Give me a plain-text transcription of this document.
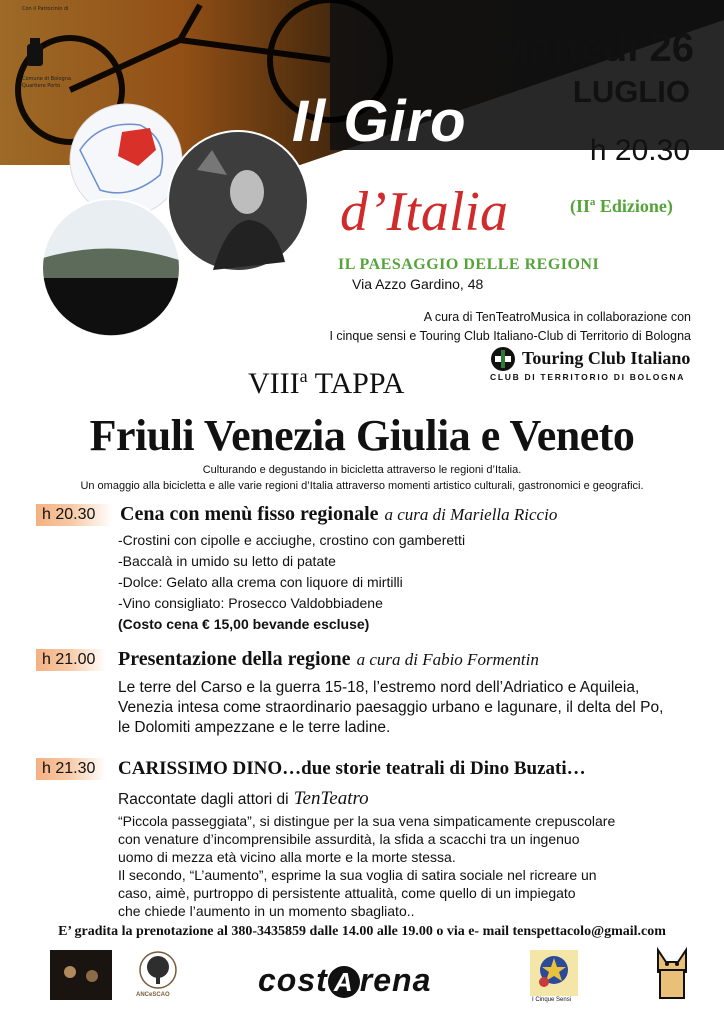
Con il Patrocinio di
Comune di Bologna
Quartiere Porto
Martedì 26
LUGLIO
h 20.30
Il Giro
d’Italia	(IIª Edizione)
IL PAESAGGIO DELLE REGIONI
Via Azzo Gardino, 48
A cura di TenTeatroMusica in collaborazione con
I cinque sensi e Touring Club Italiano-Club di Territorio di Bologna
Touring Club Italiano
CLUB DI TERRITORIO DI BOLOGNA
VIII$^a$ TAPPA
Friuli Venezia Giulia e Veneto
Culturando e degustando in bicicletta attraverso le regioni d’Italia.
Un omaggio alla bicicletta e alle varie regioni d’Italia attraverso momenti artistico culturali, gastronomici e geografici.
h 20.30	Cena con menù fisso regionale a cura di Mariella Riccio
-Crostini con cipolle e acciughe, crostino con gamberetti
-Baccalà in umido su letto di patate
-Dolce: Gelato alla crema con liquore di mirtilli
-Vino consigliato: Prosecco Valdobbiadene
(Costo cena € 15,00 bevande escluse)
h 21.00	Presentazione della regione a cura di Fabio Formentin
Le terre del Carso e la guerra 15-18, l’estremo nord dell’Adriatico e Aquileia,
Venezia intesa come straordinario paesaggio urbano e lagunare, il delta del Po,
le Dolomiti ampezzane e le terre ladine.
h 21.30	CARISSIMO DINO…due storie teatrali di Dino Buzati…
Raccontate dagli attori di TenTeatro
“Piccola passeggiata”, si distingue per la sua vena simpaticamente crepuscolare
con venature d’incomprensibile assurdità, la sfida a scacchi tra un ingenuo
uomo di mezza età vicino alla morte e la morte stessa.
Il secondo, “L’aumento”, esprime la sua voglia di satira sociale nel ricreare un
caso, aimè, purtroppo di persistente attualità, come quello di un impiegato
che chiede l’aumento in un momento sbagliato..
E’ gradita la prenotazione al 380-3435859 dalle 14.00 alle 19.00 o via e- mail tenspettacolo@gmail.com
ANCeSCAO	cost A rena
I Cinque Sensi
